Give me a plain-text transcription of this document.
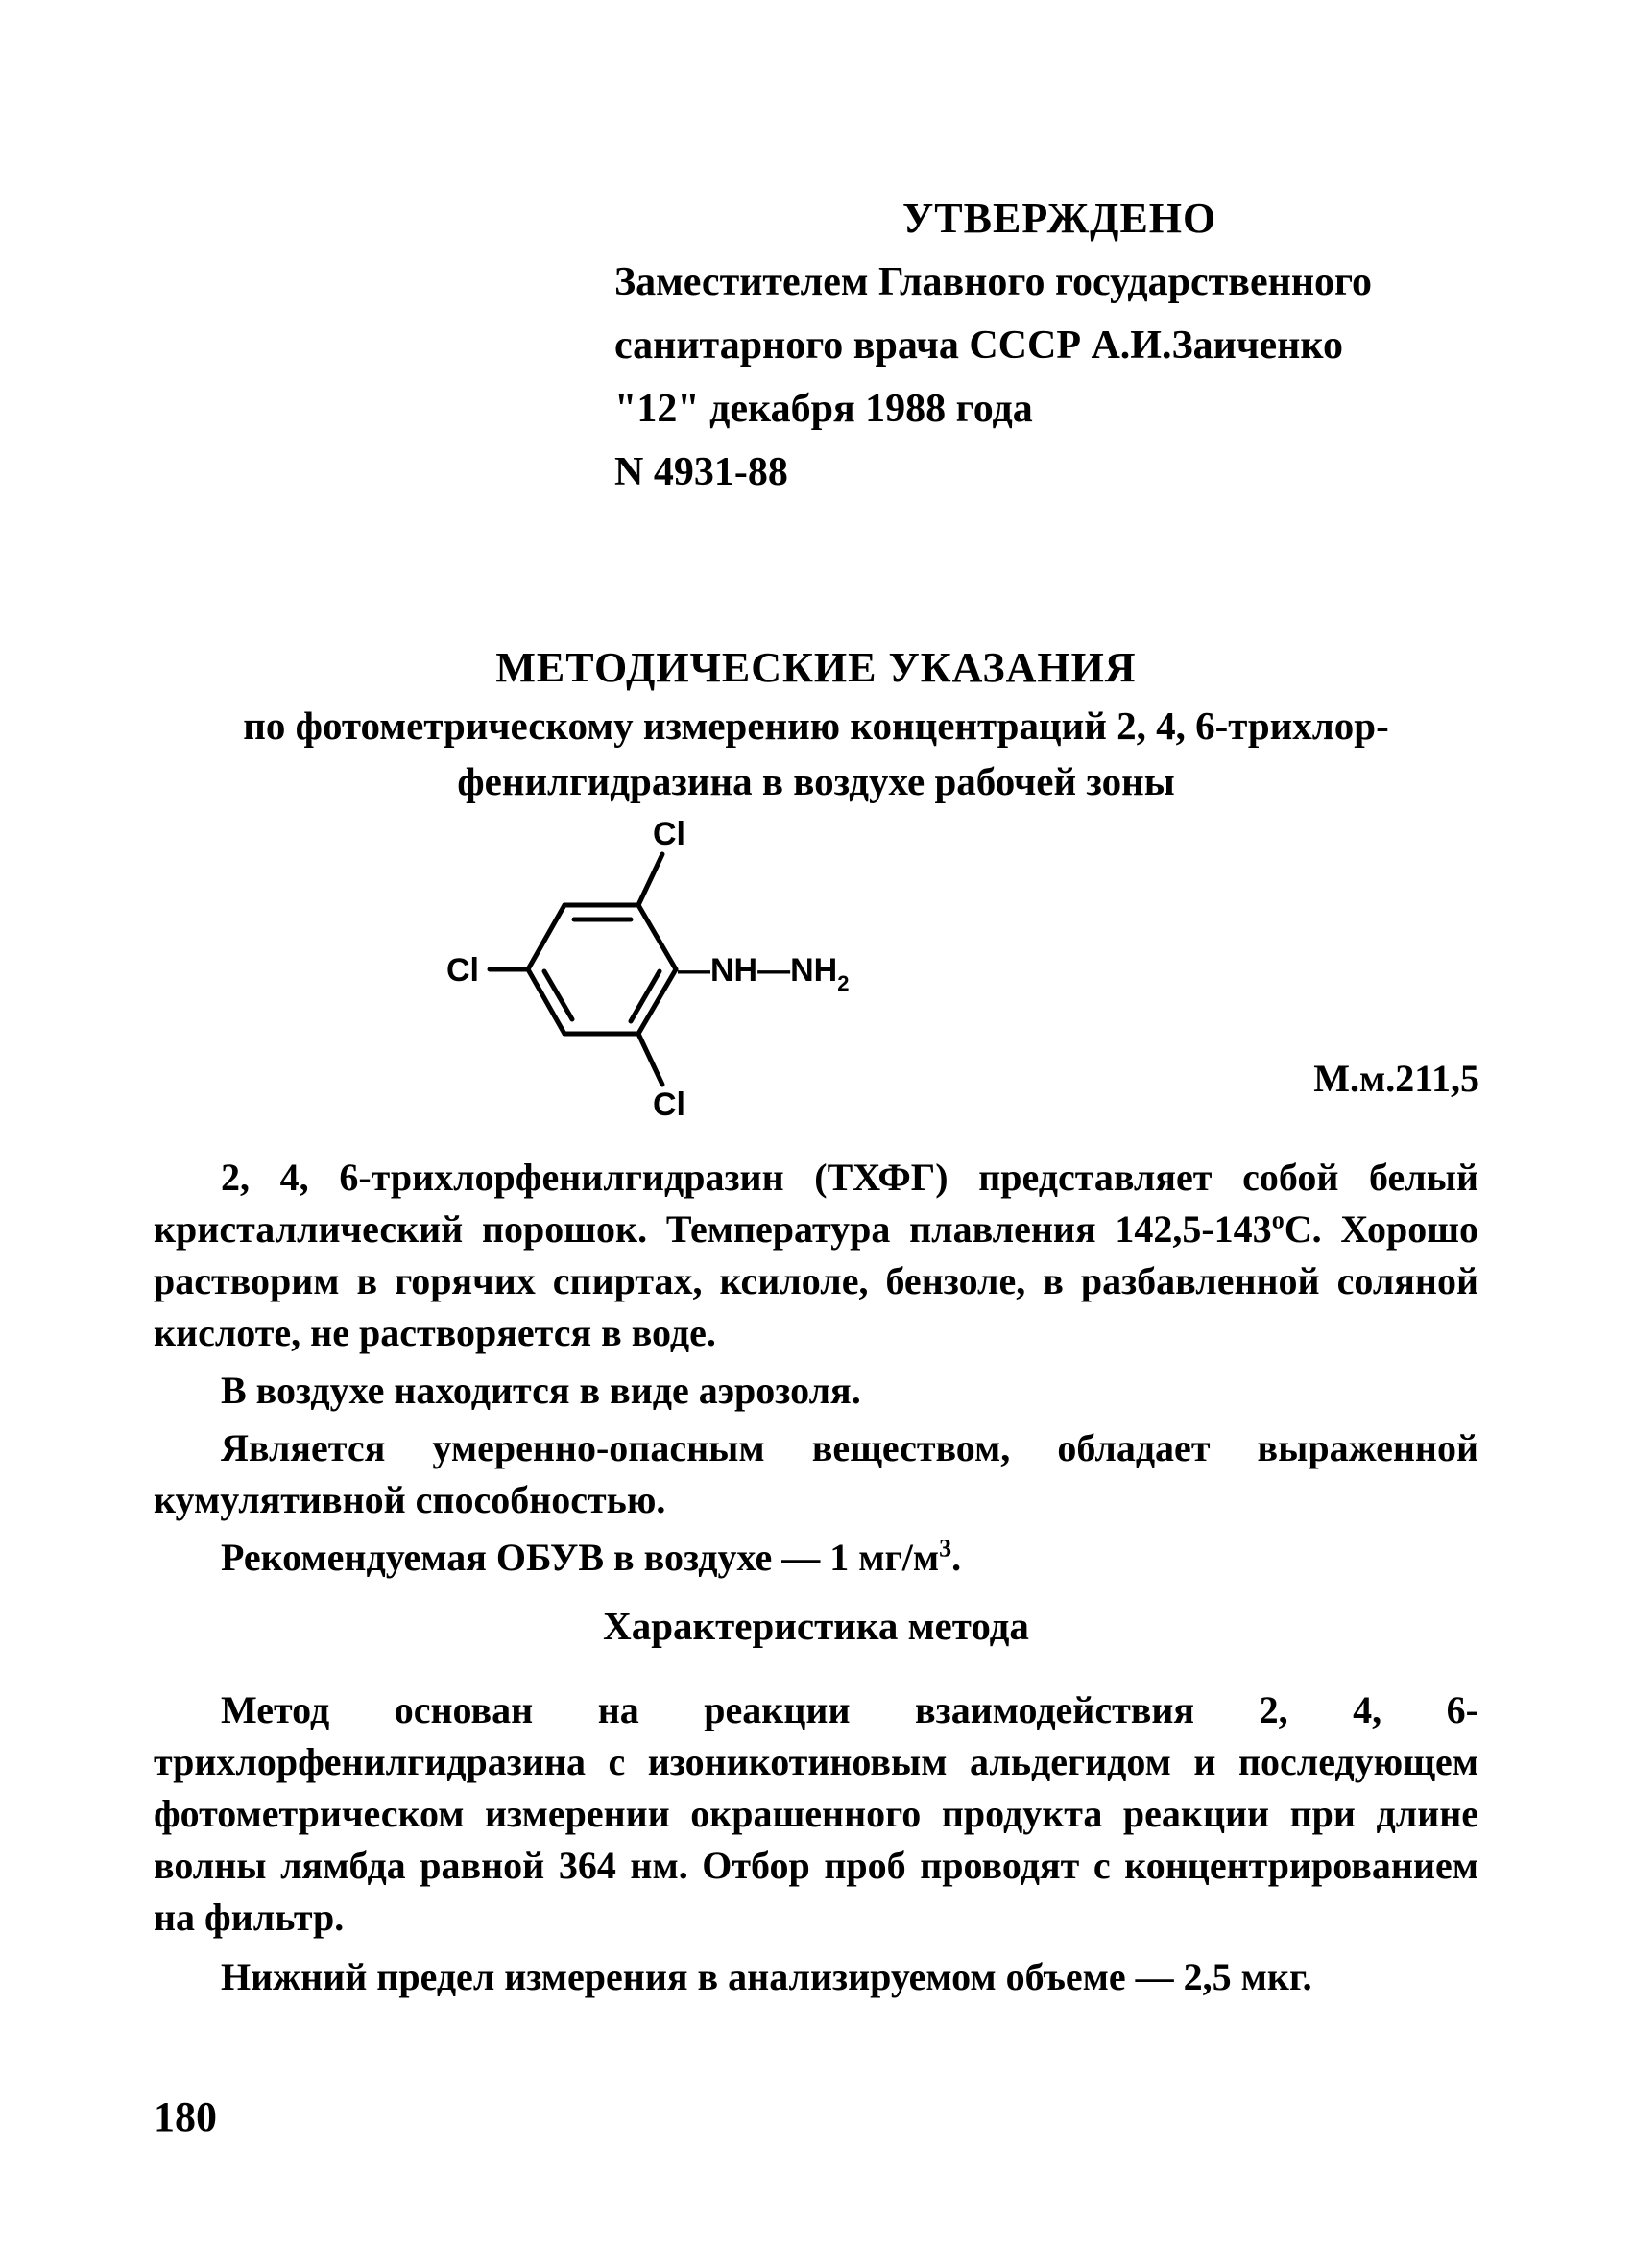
УТВЕРЖДЕНО
Заместителем Главного государственного
санитарного врача СССР А.И.Заиченко
"12" декабря 1988 года
N 4931-88
МЕТОДИЧЕСКИЕ УКАЗАНИЯ
по фотометрическому измерению концентраций 2, 4, 6-трихлор-
фенилгидразина в воздухе рабочей зоны
Cl
Cl
Cl
$—NH—NH_2$
М.м.211,5

2, 4, 6-трихлорфенилгидразин (ТХФГ) представляет собой белый кристаллический порошок. Температура плавления $142,5-143^оС$. Хорошо растворим в горячих спиртах, ксилоле, бензоле, в разбавленной соляной кислоте, не растворяется в воде.

В воздухе находится в виде аэрозоля.

Является умеренно-опасным веществом, обладает выраженной кумулятивной способностью.

Рекомендуемая ОБУВ в воздухе — 1 $мг/м^3$.

Характеристика метода

Метод основан на реакции взаимодействия 2, 4, 6-трихлорфенилгидразина с изоникотиновым альдегидом и последующем фотометрическом измерении окрашенного продукта реакции при длине волны лямбда равной 364 нм. Отбор проб проводят с концентрированием на фильтр.

Нижний предел измерения в анализируемом объеме — 2,5 мкг.

180
